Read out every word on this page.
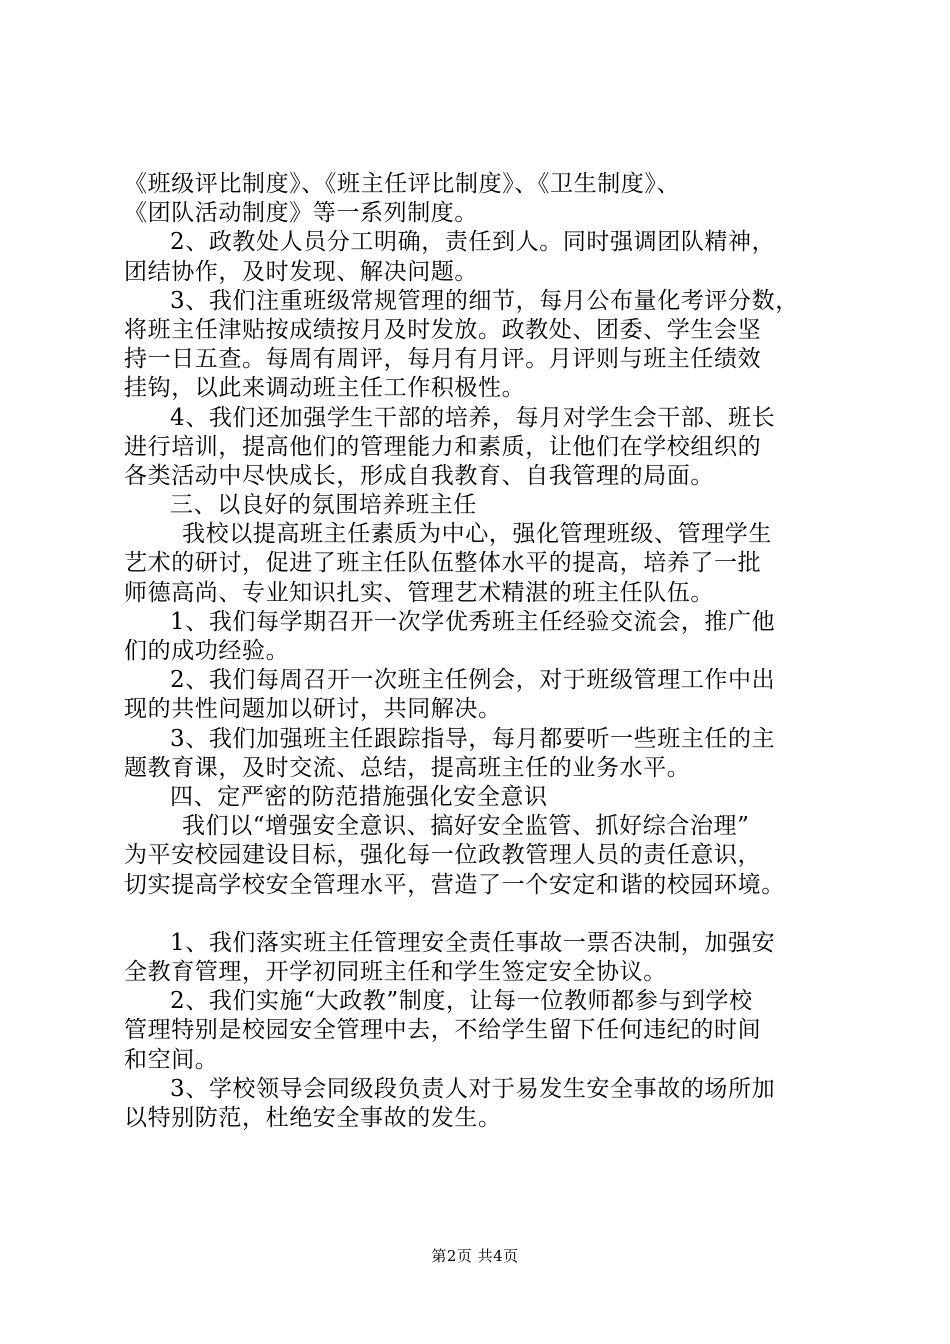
《班级评比制度》、《班主任评比制度》、《卫生制度》、
《团队活动制度》等一系列制度。
2、政教处人员分工明确，责任到人。同时强调团队精神，
团结协作，及时发现、解决问题。
3、我们注重班级常规管理的细节，每月公布量化考评分数，
将班主任津贴按成绩按月及时发放。政教处、团委、学生会坚
持一日五查。每周有周评，每月有月评。月评则与班主任绩效
挂钩，以此来调动班主任工作积极性。
4、我们还加强学生干部的培养，每月对学生会干部、班长
进行培训，提高他们的管理能力和素质，让他们在学校组织的
各类活动中尽快成长，形成自我教育、自我管理的局面。
三、以良好的氛围培养班主任
我校以提高班主任素质为中心，强化管理班级、管理学生
艺术的研讨，促进了班主任队伍整体水平的提高，培养了一批
师德高尚、专业知识扎实、管理艺术精湛的班主任队伍。
1、我们每学期召开一次学优秀班主任经验交流会，推广他
们的成功经验。
2、我们每周召开一次班主任例会，对于班级管理工作中出
现的共性问题加以研讨，共同解决。
3、我们加强班主任跟踪指导，每月都要听一些班主任的主
题教育课，及时交流、总结，提高班主任的业务水平。
四、定严密的防范措施强化安全意识
我们以“增强安全意识、搞好安全监管、抓好综合治理”
为平安校园建设目标，强化每一位政教管理人员的责任意识，
切实提高学校安全管理水平，营造了一个安定和谐的校园环境。
1、我们落实班主任管理安全责任事故一票否决制，加强安
全教育管理，开学初同班主任和学生签定安全协议。
2、我们实施“大政教”制度，让每一位教师都参与到学校
管理特别是校园安全管理中去，不给学生留下任何违纪的时间
和空间。
3、学校领导会同级段负责人对于易发生安全事故的场所加
以特别防范，杜绝安全事故的发生。
第2页 共4页
